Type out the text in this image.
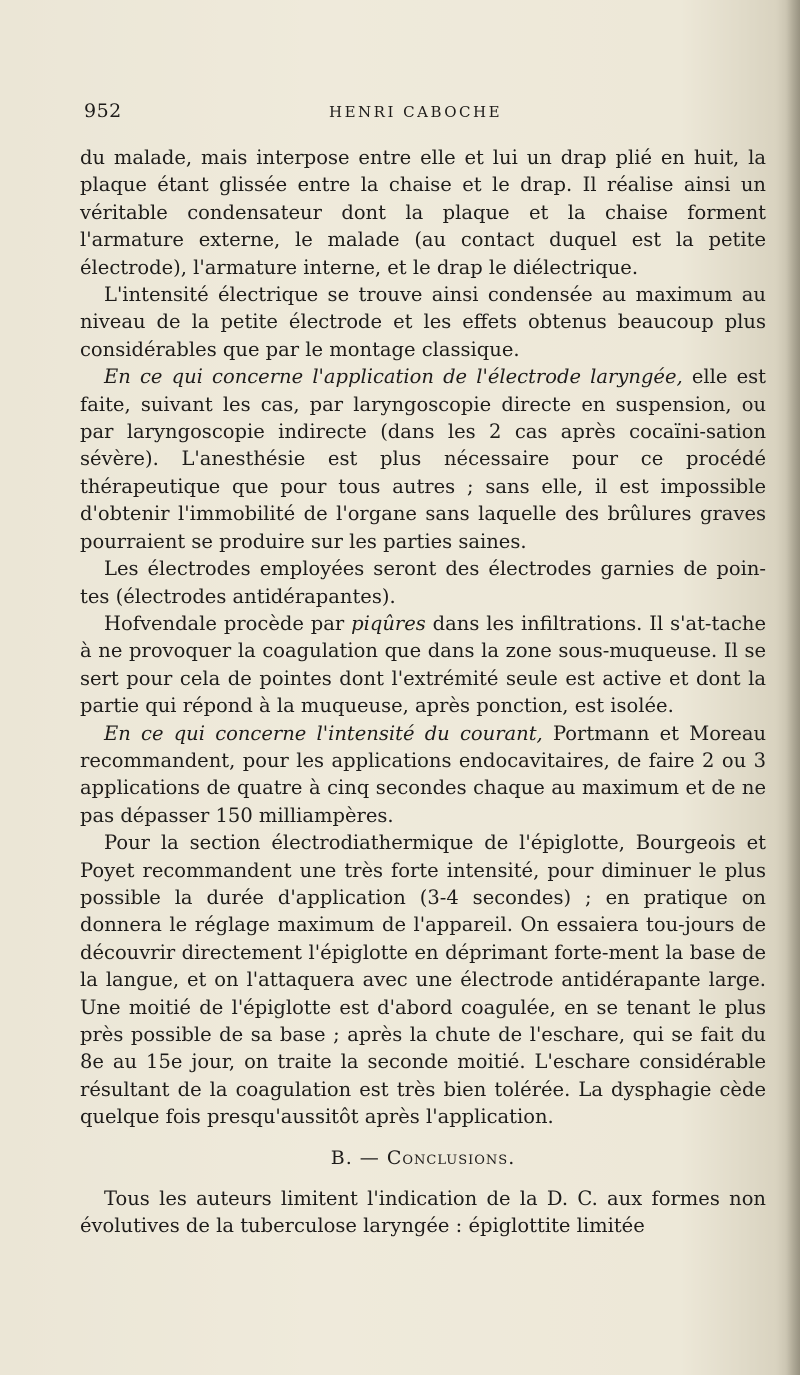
952	HENRI CABOCHE

du malade, mais interpose entre elle et lui un drap plié en huit, la plaque étant glissée entre la chaise et le drap. Il réalise ainsi un véritable condensateur dont la plaque et la chaise forment l'armature externe, le malade (au contact duquel est la petite électrode), l'armature interne, et le drap le diélectrique.

L'intensité électrique se trouve ainsi condensée au maximum au niveau de la petite électrode et les effets obtenus beaucoup plus considérables que par le montage classique.

En ce qui concerne l'application de l'électrode laryngée, elle est faite, suivant les cas, par laryngoscopie directe en suspension, ou par laryngoscopie indirecte (dans les 2 cas après cocaïni-sation sévère). L'anesthésie est plus nécessaire pour ce procédé thérapeutique que pour tous autres ; sans elle, il est impossible d'obtenir l'immobilité de l'organe sans laquelle des brûlures graves pourraient se produire sur les parties saines.

Les électrodes employées seront des électrodes garnies de poin-tes (électrodes antidérapantes).

Hofvendale procède par piqûres dans les infiltrations. Il s'at-tache à ne provoquer la coagulation que dans la zone sous-muqueuse. Il se sert pour cela de pointes dont l'extrémité seule est active et dont la partie qui répond à la muqueuse, après ponction, est isolée.

En ce qui concerne l'intensité du courant, Portmann et Moreau recommandent, pour les applications endocavitaires, de faire 2 ou 3 applications de quatre à cinq secondes chaque au maximum et de ne pas dépasser 150 milliampères.

Pour la section électrodiathermique de l'épiglotte, Bourgeois et Poyet recommandent une très forte intensité, pour diminuer le plus possible la durée d'application (3-4 secondes) ; en pratique on donnera le réglage maximum de l'appareil. On essaiera tou-jours de découvrir directement l'épiglotte en déprimant forte-ment la base de la langue, et on l'attaquera avec une électrode antidérapante large. Une moitié de l'épiglotte est d'abord coagulée, en se tenant le plus près possible de sa base ; après la chute de l'eschare, qui se fait du 8e au 15e jour, on traite la seconde moitié. L'eschare considérable résultant de la coagulation est très bien tolérée. La dysphagie cède quelque fois presqu'aussitôt après l'application.

B. — Conclusions.

Tous les auteurs limitent l'indication de la D. C. aux formes non évolutives de la tuberculose laryngée : épiglottite limitée
